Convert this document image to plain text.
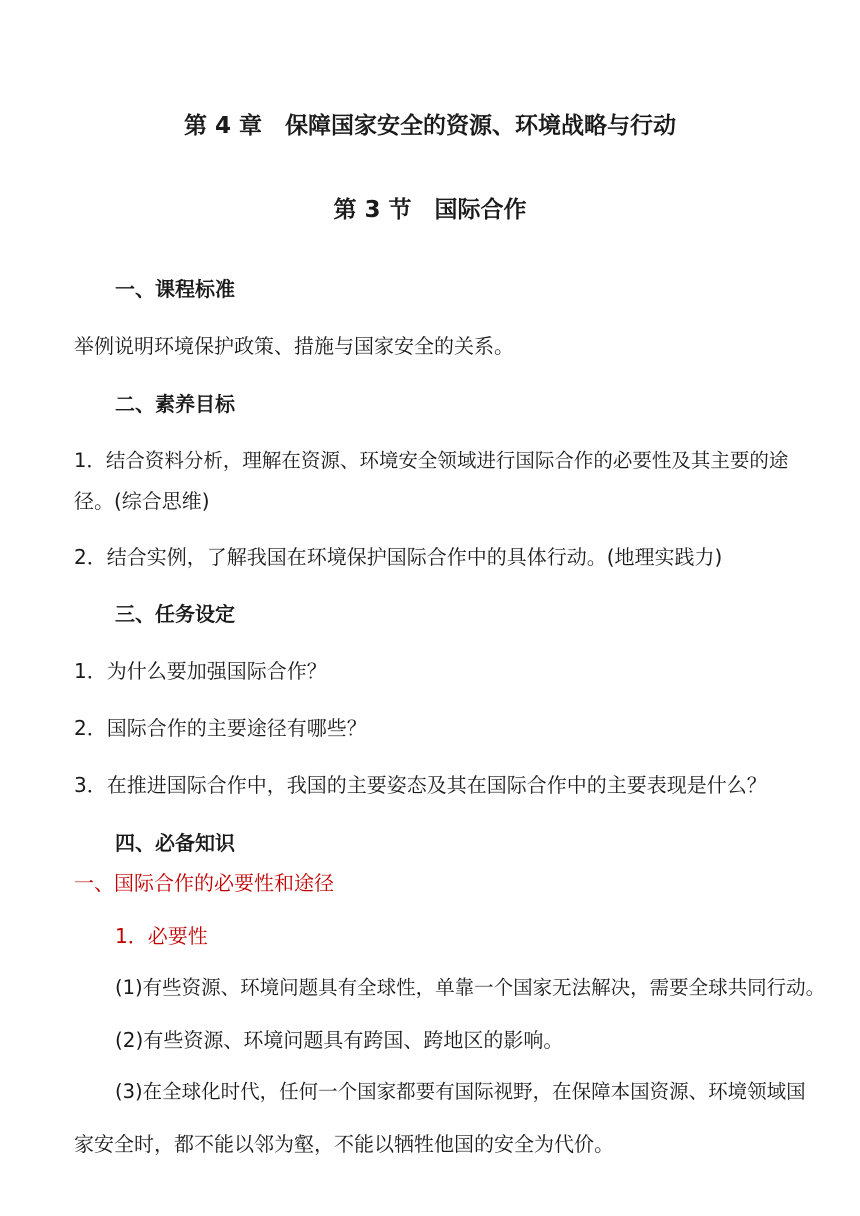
第 4 章　保障国家安全的资源、环境战略与行动
第 3 节　国际合作
一、课程标准
举例说明环境保护政策、措施与国家安全的关系。
二、素养目标
1．结合资料分析，理解在资源、环境安全领域进行国际合作的必要性及其主要的途
径。(综合思维)
2．结合实例，了解我国在环境保护国际合作中的具体行动。(地理实践力)
三、任务设定
1．为什么要加强国际合作？
2．国际合作的主要途径有哪些？
3．在推进国际合作中，我国的主要姿态及其在国际合作中的主要表现是什么？
四、必备知识
一、国际合作的必要性和途径
1．必要性
(1)有些资源、环境问题具有全球性，单靠一个国家无法解决，需要全球共同行动。
(2)有些资源、环境问题具有跨国、跨地区的影响。
(3)在全球化时代，任何一个国家都要有国际视野，在保障本国资源、环境领域国
家安全时，都不能以邻为壑，不能以牺牲他国的安全为代价。
